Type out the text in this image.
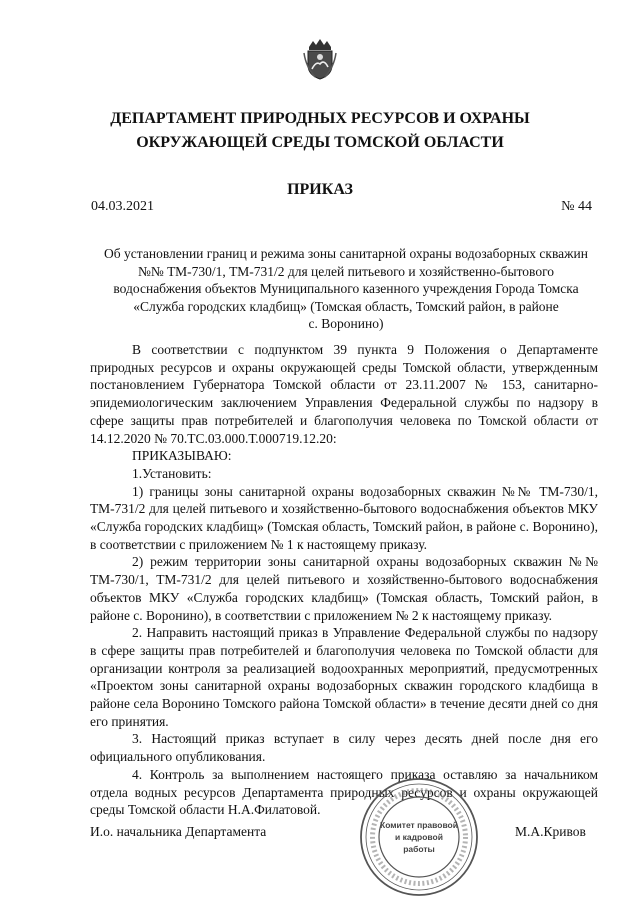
ДЕПАРТАМЕНТ ПРИРОДНЫХ РЕСУРСОВ И ОХРАНЫ
ОКРУЖАЮЩЕЙ СРЕДЫ ТОМСКОЙ ОБЛАСТИ
ПРИКАЗ
04.03.2021	№ 44
Об установлении границ и режима зоны санитарной охраны водозаборных скважин
№№ ТМ-730/1, ТМ-731/2 для целей питьевого и хозяйственно-бытового
водоснабжения объектов Муниципального казенного учреждения Города Томска
«Служба городских кладбищ» (Томская область, Томский район, в районе
с. Воронино)

В соответствии с подпунктом 39 пункта 9 Положения о Департаменте природных ресурсов и охраны окружающей среды Томской области, утвержденным постановлением Губернатора Томской области от 23.11.2007 № 153, санитарно-эпидемиологическим заключением Управления Федеральной службы по надзору в сфере защиты прав потребителей и благополучия человека по Томской области от 14.12.2020 № 70.ТС.03.000.Т.000719.12.20:

ПРИКАЗЫВАЮ:

1.Установить:

1) границы зоны санитарной охраны водозаборных скважин №№ ТМ-730/1, ТМ-731/2 для целей питьевого и хозяйственно-бытового водоснабжения объектов МКУ «Служба городских кладбищ» (Томская область, Томский район, в районе с. Воронино), в соответствии с приложением № 1 к настоящему приказу.

2) режим территории зоны санитарной охраны водозаборных скважин №№ ТМ-730/1, ТМ-731/2 для целей питьевого и хозяйственно-бытового водоснабжения объектов МКУ «Служба городских кладбищ» (Томская область, Томский район, в районе с. Воронино), в соответствии с приложением № 2 к настоящему приказу.

2. Направить настоящий приказ в Управление Федеральной службы по надзору в сфере защиты прав потребителей и благополучия человека по Томской области для организации контроля за реализацией водоохранных мероприятий, предусмотренных «Проектом зоны санитарной охраны водозаборных скважин городского кладбища в районе села Воронино Томского района Томской области» в течение десяти дней со дня его принятия.

3. Настоящий приказ вступает в силу через десять дней после дня его официального опубликования.

4. Контроль за выполнением настоящего приказа оставляю за начальником отдела водных ресурсов Департамента природных ресурсов и охраны окружающей среды Томской области Н.А.Филатовой.

И.о. начальника Департамента	М.А.Кривов
Комитет правовой
и кадровой
работы
